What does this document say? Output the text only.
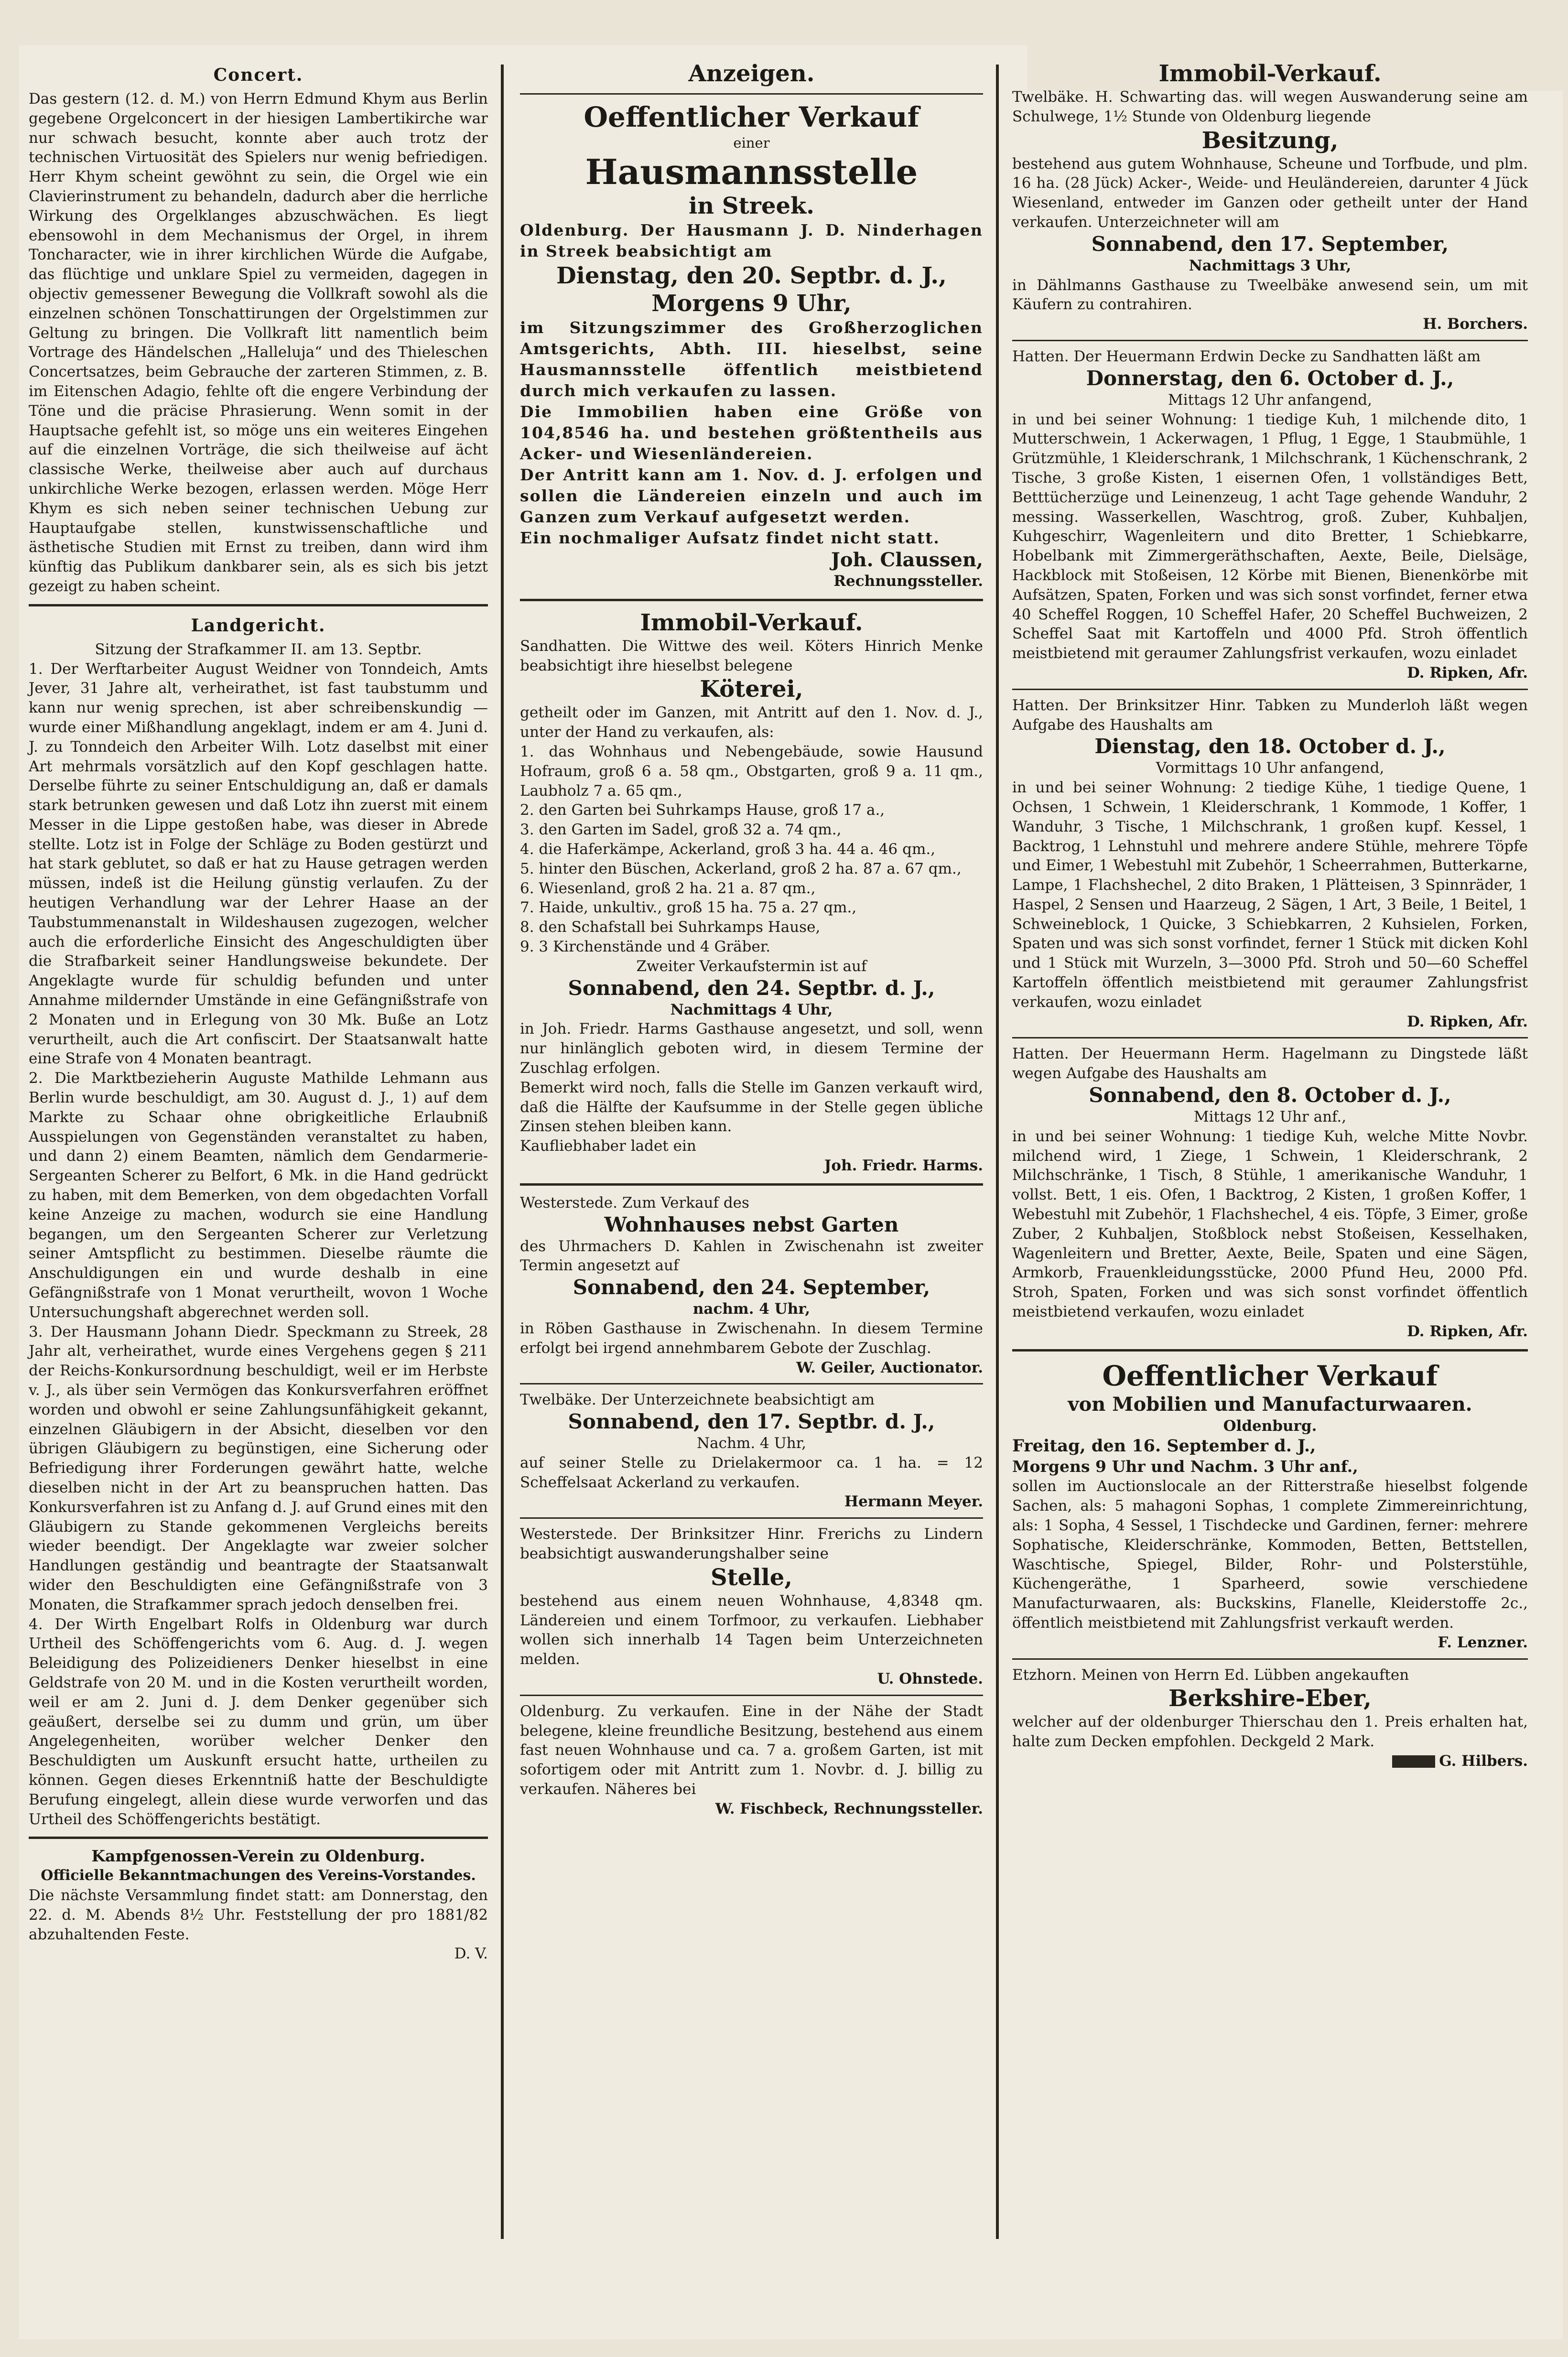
Concert.

Das gestern (12. d. M.) von Herrn Edmund Khym aus Berlin gegebene Orgelconcert in der hiesigen Lambertikirche war nur schwach besucht, konnte aber auch trotz der technischen Virtuosität des Spielers nur wenig befriedigen. Herr Khym scheint gewöhnt zu sein, die Orgel wie ein Clavierinstrument zu behandeln, dadurch aber die herrliche Wirkung des Orgelklanges abzuschwächen. Es liegt ebensowohl in dem Mechanismus der Orgel, in ihrem Toncharacter, wie in ihrer kirchlichen Würde die Aufgabe, das flüchtige und unklare Spiel zu vermeiden, dagegen in objectiv gemessener Bewegung die Vollkraft sowohl als die einzelnen schönen Tonschattirungen der Orgelstimmen zur Geltung zu bringen. Die Vollkraft litt namentlich beim Vortrage des Händelschen „Halleluja“ und des Thieleschen Concertsatzes, beim Gebrauche der zarteren Stimmen, z. B. im Eitenschen Adagio, fehlte oft die engere Verbindung der Töne und die präcise Phrasierung. Wenn somit in der Hauptsache gefehlt ist, so möge uns ein weiteres Eingehen auf die einzelnen Vorträge, die sich theilweise auf ächt classische Werke, theilweise aber auch auf durchaus unkirchliche Werke bezogen, erlassen werden. Möge Herr Khym es sich neben seiner technischen Uebung zur Hauptaufgabe stellen, kunstwissenschaftliche und ästhetische Studien mit Ernst zu treiben, dann wird ihm künftig das Publikum dankbarer sein, als es sich bis jetzt gezeigt zu haben scheint.

Landgericht.

Sitzung der Strafkammer II. am 13. Septbr.

1. Der Werftarbeiter August Weidner von Tonndeich, Amts Jever, 31 Jahre alt, verheirathet, ist fast taubstumm und kann nur wenig sprechen, ist aber schreibenskundig — wurde einer Mißhandlung angeklagt, indem er am 4. Juni d. J. zu Tonndeich den Arbeiter Wilh. Lotz daselbst mit einer Art mehrmals vorsätzlich auf den Kopf geschlagen hatte. Derselbe führte zu seiner Entschuldigung an, daß er damals stark betrunken gewesen und daß Lotz ihn zuerst mit einem Messer in die Lippe gestoßen habe, was dieser in Abrede stellte. Lotz ist in Folge der Schläge zu Boden gestürzt und hat stark geblutet, so daß er hat zu Hause getragen werden müssen, indeß ist die Heilung günstig verlaufen. Zu der heutigen Verhandlung war der Lehrer Haase an der Taubstummenanstalt in Wildeshausen zugezogen, welcher auch die erforderliche Einsicht des Angeschuldigten über die Strafbarkeit seiner Handlungsweise bekundete. Der Angeklagte wurde für schuldig befunden und unter Annahme mildernder Umstände in eine Gefängnißstrafe von 2 Monaten und in Erlegung von 30 Mk. Buße an Lotz verurtheilt, auch die Art confiscirt. Der Staatsanwalt hatte eine Strafe von 4 Monaten beantragt.

2. Die Marktbezieherin Auguste Mathilde Lehmann aus Berlin wurde beschuldigt, am 30. August d. J., 1) auf dem Markte zu Schaar ohne obrigkeitliche Erlaubniß Ausspielungen von Gegenständen veranstaltet zu haben, und dann 2) einem Beamten, nämlich dem Gendarmerie-Sergeanten Scherer zu Belfort, 6 Mk. in die Hand gedrückt zu haben, mit dem Bemerken, von dem obgedachten Vorfall keine Anzeige zu machen, wodurch sie eine Handlung begangen, um den Sergeanten Scherer zur Verletzung seiner Amtspflicht zu bestimmen. Dieselbe räumte die Anschuldigungen ein und wurde deshalb in eine Gefängnißstrafe von 1 Monat verurtheilt, wovon 1 Woche Untersuchungshaft abgerechnet werden soll.

3. Der Hausmann Johann Diedr. Speckmann zu Streek, 28 Jahr alt, verheirathet, wurde eines Vergehens gegen § 211 der Reichs-Konkursordnung beschuldigt, weil er im Herbste v. J., als über sein Vermögen das Konkursverfahren eröffnet worden und obwohl er seine Zahlungsunfähigkeit gekannt, einzelnen Gläubigern in der Absicht, dieselben vor den übrigen Gläubigern zu begünstigen, eine Sicherung oder Befriedigung ihrer Forderungen gewährt hatte, welche dieselben nicht in der Art zu beanspruchen hatten. Das Konkursverfahren ist zu Anfang d. J. auf Grund eines mit den Gläubigern zu Stande gekommenen Vergleichs bereits wieder beendigt. Der Angeklagte war zweier solcher Handlungen geständig und beantragte der Staatsanwalt wider den Beschuldigten eine Gefängnißstrafe von 3 Monaten, die Strafkammer sprach jedoch denselben frei.

4. Der Wirth Engelbart Rolfs in Oldenburg war durch Urtheil des Schöffengerichts vom 6. Aug. d. J. wegen Beleidigung des Polizeidieners Denker hieselbst in eine Geldstrafe von 20 M. und in die Kosten verurtheilt worden, weil er am 2. Juni d. J. dem Denker gegenüber sich geäußert, derselbe sei zu dumm und grün, um über Angelegenheiten, worüber welcher Denker den Beschuldigten um Auskunft ersucht hatte, urtheilen zu können. Gegen dieses Erkenntniß hatte der Beschuldigte Berufung eingelegt, allein diese wurde verworfen und das Urtheil des Schöffengerichts bestätigt.

Kampfgenossen-Verein zu Oldenburg.

Officielle Bekanntmachungen des Vereins-Vorstandes.

Die nächste Versammlung findet statt: am Donnerstag, den 22. d. M. Abends 8½ Uhr. Feststellung der pro 1881/82 abzuhaltenden Feste.

D. V.

Anzeigen.
Oeffentlicher Verkauf
einer
Hausmannsstelle
in Streek.

Oldenburg. Der Hausmann J. D. Ninderhagen in Streek beabsichtigt am

Dienstag, den 20. Septbr. d. J.,
Morgens 9 Uhr,

im Sitzungszimmer des Großherzoglichen Amtsgerichts, Abth. III. hieselbst, seine Hausmannsstelle öffentlich meistbietend durch mich verkaufen zu lassen.

Die Immobilien haben eine Größe von 104,8546 ha. und bestehen größtentheils aus Acker- und Wiesenländereien.

Der Antritt kann am 1. Nov. d. J. erfolgen und sollen die Ländereien einzeln und auch im Ganzen zum Verkauf aufgesetzt werden.

Ein nochmaliger Aufsatz findet nicht statt.

Joh. Claussen,

Rechnungssteller.

Immobil-Verkauf.

Sandhatten. Die Wittwe des weil. Köters Hinrich Menke beabsichtigt ihre hieselbst belegene

Köterei,

getheilt oder im Ganzen, mit Antritt auf den 1. Nov. d. J., unter der Hand zu verkaufen, als:

1. das Wohnhaus und Nebengebäude, sowie Hausund Hofraum, groß 6 a. 58 qm., Obstgarten, groß 9 a. 11 qm., Laubholz 7 a. 65 qm.,

2. den Garten bei Suhrkamps Hause, groß 17 a.,

3. den Garten im Sadel, groß 32 a. 74 qm.,

4. die Haferkämpe, Ackerland, groß 3 ha. 44 a. 46 qm.,

5. hinter den Büschen, Ackerland, groß 2 ha. 87 a. 67 qm.,

6. Wiesenland, groß 2 ha. 21 a. 87 qm.,

7. Haide, unkultiv., groß 15 ha. 75 a. 27 qm.,

8. den Schafstall bei Suhrkamps Hause,

9. 3 Kirchenstände und 4 Gräber.

Zweiter Verkaufstermin ist auf

Sonnabend, den 24. Septbr. d. J.,

Nachmittags 4 Uhr,

in Joh. Friedr. Harms Gasthause angesetzt, und soll, wenn nur hinlänglich geboten wird, in diesem Termine der Zuschlag erfolgen.

Bemerkt wird noch, falls die Stelle im Ganzen verkauft wird, daß die Hälfte der Kaufsumme in der Stelle gegen übliche Zinsen stehen bleiben kann.

Kaufliebhaber ladet ein

Joh. Friedr. Harms.

Westerstede. Zum Verkauf des

Wohnhauses nebst Garten

des Uhrmachers D. Kahlen in Zwischenahn ist zweiter Termin angesetzt auf

Sonnabend, den 24. September,

nachm. 4 Uhr,

in Röben Gasthause in Zwischenahn. In diesem Termine erfolgt bei irgend annehmbarem Gebote der Zuschlag.

W. Geiler, Auctionator.

Twelbäke. Der Unterzeichnete beabsichtigt am

Sonnabend, den 17. Septbr. d. J.,

Nachm. 4 Uhr,

auf seiner Stelle zu Drielakermoor ca. 1 ha. = 12 Scheffelsaat Ackerland zu verkaufen.

Hermann Meyer.

Westerstede. Der Brinksitzer Hinr. Frerichs zu Lindern beabsichtigt auswanderungshalber seine

Stelle,

bestehend aus einem neuen Wohnhause, 4,8348 qm. Ländereien und einem Torfmoor, zu verkaufen. Liebhaber wollen sich innerhalb 14 Tagen beim Unterzeichneten melden.

U. Ohnstede.

Oldenburg. Zu verkaufen. Eine in der Nähe der Stadt belegene, kleine freundliche Besitzung, bestehend aus einem fast neuen Wohnhause und ca. 7 a. großem Garten, ist mit sofortigem oder mit Antritt zum 1. Novbr. d. J. billig zu verkaufen. Näheres bei

W. Fischbeck, Rechnungssteller.

Immobil-Verkauf.

Twelbäke. H. Schwarting das. will wegen Auswanderung seine am Schulwege, 1½ Stunde von Oldenburg liegende

Besitzung,

bestehend aus gutem Wohnhause, Scheune und Torfbude, und plm. 16 ha. (28 Jück) Acker-, Weide- und Heuländereien, darunter 4 Jück Wiesenland, entweder im Ganzen oder getheilt unter der Hand verkaufen. Unterzeichneter will am

Sonnabend, den 17. September,

Nachmittags 3 Uhr,

in Dählmanns Gasthause zu Tweelbäke anwesend sein, um mit Käufern zu contrahiren.

H. Borchers.

Hatten. Der Heuermann Erdwin Decke zu Sandhatten läßt am

Donnerstag, den 6. October d. J.,

Mittags 12 Uhr anfangend,

in und bei seiner Wohnung: 1 tiedige Kuh, 1 milchende dito, 1 Mutterschwein, 1 Ackerwagen, 1 Pflug, 1 Egge, 1 Staubmühle, 1 Grützmühle, 1 Kleiderschrank, 1 Milchschrank, 1 Küchenschrank, 2 Tische, 3 große Kisten, 1 eisernen Ofen, 1 vollständiges Bett, Betttücherzüge und Leinenzeug, 1 acht Tage gehende Wanduhr, 2 messing. Wasserkellen, Waschtrog, groß. Zuber, Kuhbaljen, Kuhgeschirr, Wagenleitern und dito Bretter, 1 Schiebkarre, Hobelbank mit Zimmergeräthschaften, Aexte, Beile, Dielsäge, Hackblock mit Stoßeisen, 12 Körbe mit Bienen, Bienenkörbe mit Aufsätzen, Spaten, Forken und was sich sonst vorfindet, ferner etwa 40 Scheffel Roggen, 10 Scheffel Hafer, 20 Scheffel Buchweizen, 2 Scheffel Saat mit Kartoffeln und 4000 Pfd. Stroh öffentlich meistbietend mit geraumer Zahlungsfrist verkaufen, wozu einladet

D. Ripken, Afr.

Hatten. Der Brinksitzer Hinr. Tabken zu Munderloh läßt wegen Aufgabe des Haushalts am

Dienstag, den 18. October d. J.,

Vormittags 10 Uhr anfangend,

in und bei seiner Wohnung: 2 tiedige Kühe, 1 tiedige Quene, 1 Ochsen, 1 Schwein, 1 Kleiderschrank, 1 Kommode, 1 Koffer, 1 Wanduhr, 3 Tische, 1 Milchschrank, 1 großen kupf. Kessel, 1 Backtrog, 1 Lehnstuhl und mehrere andere Stühle, mehrere Töpfe und Eimer, 1 Webestuhl mit Zubehör, 1 Scheerrahmen, Butterkarne, Lampe, 1 Flachshechel, 2 dito Braken, 1 Plätteisen, 3 Spinnräder, 1 Haspel, 2 Sensen und Haarzeug, 2 Sägen, 1 Art, 3 Beile, 1 Beitel, 1 Schweineblock, 1 Quicke, 3 Schiebkarren, 2 Kuhsielen, Forken, Spaten und was sich sonst vorfindet, ferner 1 Stück mit dicken Kohl und 1 Stück mit Wurzeln, 3—3000 Pfd. Stroh und 50—60 Scheffel Kartoffeln öffentlich meistbietend mit geraumer Zahlungsfrist verkaufen, wozu einladet

D. Ripken, Afr.

Hatten. Der Heuermann Herm. Hagelmann zu Dingstede läßt wegen Aufgabe des Haushalts am

Sonnabend, den 8. October d. J.,

Mittags 12 Uhr anf.,

in und bei seiner Wohnung: 1 tiedige Kuh, welche Mitte Novbr. milchend wird, 1 Ziege, 1 Schwein, 1 Kleiderschrank, 2 Milchschränke, 1 Tisch, 8 Stühle, 1 amerikanische Wanduhr, 1 vollst. Bett, 1 eis. Ofen, 1 Backtrog, 2 Kisten, 1 großen Koffer, 1 Webestuhl mit Zubehör, 1 Flachshechel, 4 eis. Töpfe, 3 Eimer, große Zuber, 2 Kuhbaljen, Stoßblock nebst Stoßeisen, Kesselhaken, Wagenleitern und Bretter, Aexte, Beile, Spaten und eine Sägen, Armkorb, Frauenkleidungsstücke, 2000 Pfund Heu, 2000 Pfd. Stroh, Spaten, Forken und was sich sonst vorfindet öffentlich meistbietend verkaufen, wozu einladet

D. Ripken, Afr.

Oeffentlicher Verkauf
von Mobilien und Manufacturwaaren.

Oldenburg.

Freitag, den 16. September d. J.,

Morgens 9 Uhr und Nachm. 3 Uhr anf.,

sollen im Auctionslocale an der Ritterstraße hieselbst folgende Sachen, als: 5 mahagoni Sophas, 1 complete Zimmereinrichtung, als: 1 Sopha, 4 Sessel, 1 Tischdecke und Gardinen, ferner: mehrere Sophatische, Kleiderschränke, Kommoden, Betten, Bettstellen, Waschtische, Spiegel, Bilder, Rohr- und Polsterstühle, Küchengeräthe, 1 Sparheerd, sowie verschiedene Manufacturwaaren, als: Buckskins, Flanelle, Kleiderstoffe 2c., öffentlich meistbietend mit Zahlungsfrist verkauft werden.

F. Lenzner.

Etzhorn. Meinen von Herrn Ed. Lübben angekauften

Berkshire-Eber,

welcher auf der oldenburger Thierschau den 1. Preis erhalten hat, halte zum Decken empfohlen. Deckgeld 2 Mark.

G. Hilbers.
